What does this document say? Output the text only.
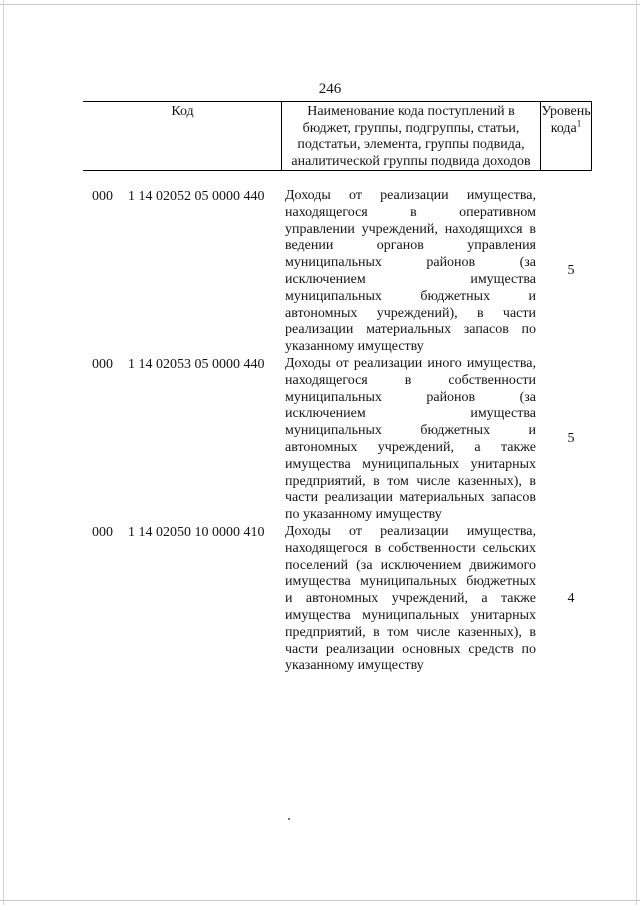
246
Код	Наименование кода поступлений в
бюджет, группы, подгруппы, статьи,
подстатьи, элемента, группы подвида,
аналитической группы подвида доходов
Уровень
кода$^1$
000	1 14 02052 05 0000 440	Доходы от реализации имущества,
находящегося в оперативном
управлении учреждений, находящихся в
ведении органов управления
муниципальных районов (за
исключением имущества
муниципальных бюджетных и
автономных учреждений), в части
реализации материальных запасов по
указанному имуществу
5
000	1 14 02053 05 0000 440	Доходы от реализации иного имущества,
находящегося в собственности
муниципальных районов (за
исключением имущества
муниципальных бюджетных и
автономных учреждений, а также
имущества муниципальных унитарных
предприятий, в том числе казенных), в
части реализации материальных запасов
по указанному имуществу
5
000	1 14 02050 10 0000 410	Доходы от реализации имущества,
находящегося в собственности сельских
поселений (за исключением движимого
имущества муниципальных бюджетных
и автономных учреждений, а также
имущества муниципальных унитарных
предприятий, в том числе казенных), в
части реализации основных средств по
указанному имуществу
4
